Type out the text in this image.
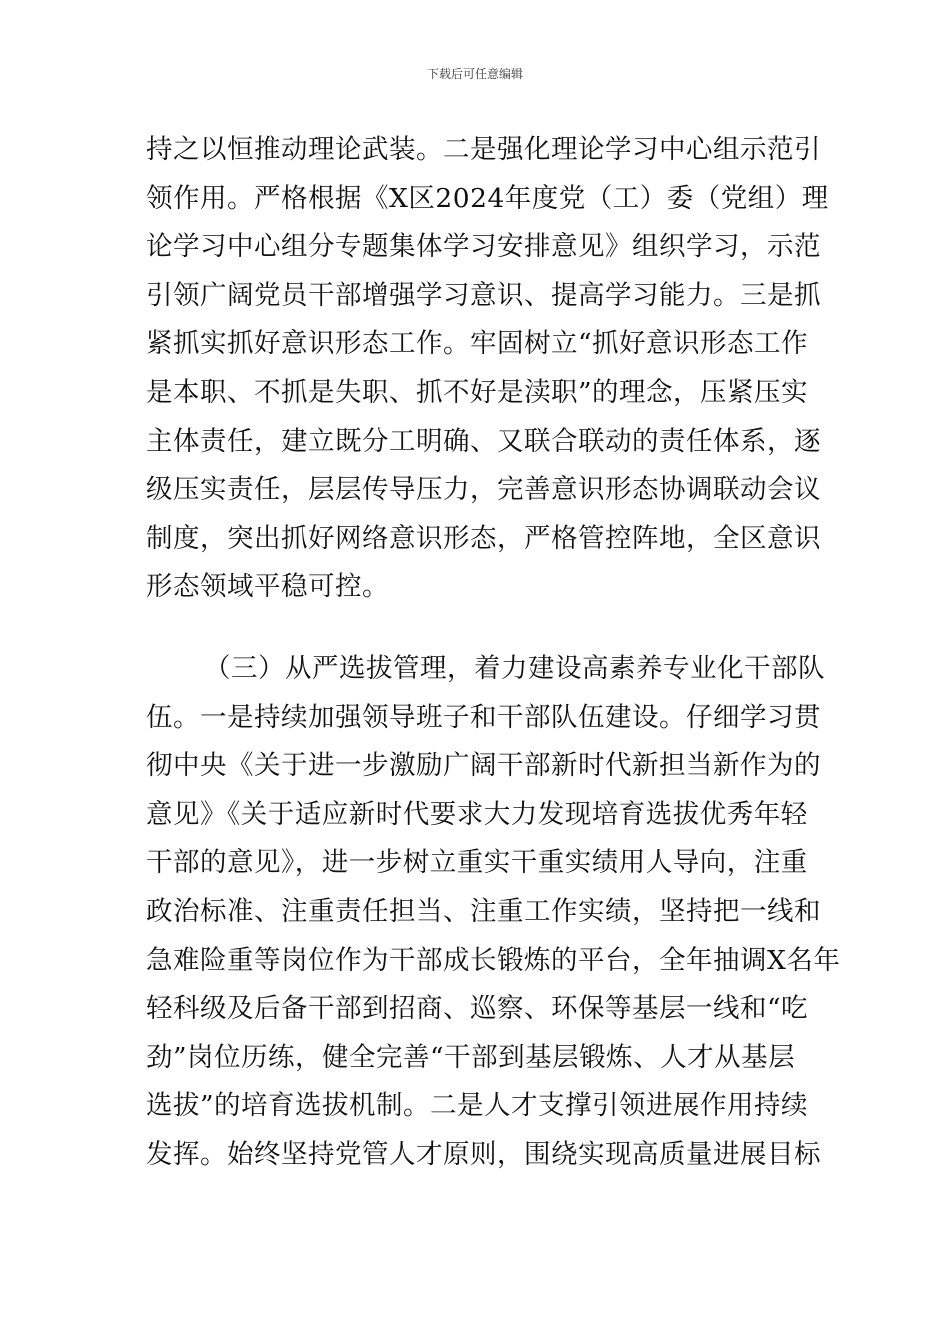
下载后可任意编辑
持之以恒推动理论武装。二是强化理论学习中心组示范引
领作用。严格根据《X区2024年度党（工）委（党组）理
论学习中心组分专题集体学习安排意见》组织学习，示范
引领广阔党员干部增强学习意识、提高学习能力。三是抓
紧抓实抓好意识形态工作。牢固树立“抓好意识形态工作
是本职、不抓是失职、抓不好是渎职”的理念，压紧压实
主体责任，建立既分工明确、又联合联动的责任体系，逐
级压实责任，层层传导压力，完善意识形态协调联动会议
制度，突出抓好网络意识形态，严格管控阵地，全区意识
形态领域平稳可控。
（三）从严选拔管理，着力建设高素养专业化干部队
伍。一是持续加强领导班子和干部队伍建设。仔细学习贯
彻中央《关于进一步激励广阔干部新时代新担当新作为的
意见》《关于适应新时代要求大力发现培育选拔优秀年轻
干部的意见》，进一步树立重实干重实绩用人导向，注重
政治标准、注重责任担当、注重工作实绩，坚持把一线和
急难险重等岗位作为干部成长锻炼的平台，全年抽调X名年
轻科级及后备干部到招商、巡察、环保等基层一线和“吃
劲”岗位历练，健全完善“干部到基层锻炼、人才从基层
选拔”的培育选拔机制。二是人才支撑引领进展作用持续
发挥。始终坚持党管人才原则，围绕实现高质量进展目标
